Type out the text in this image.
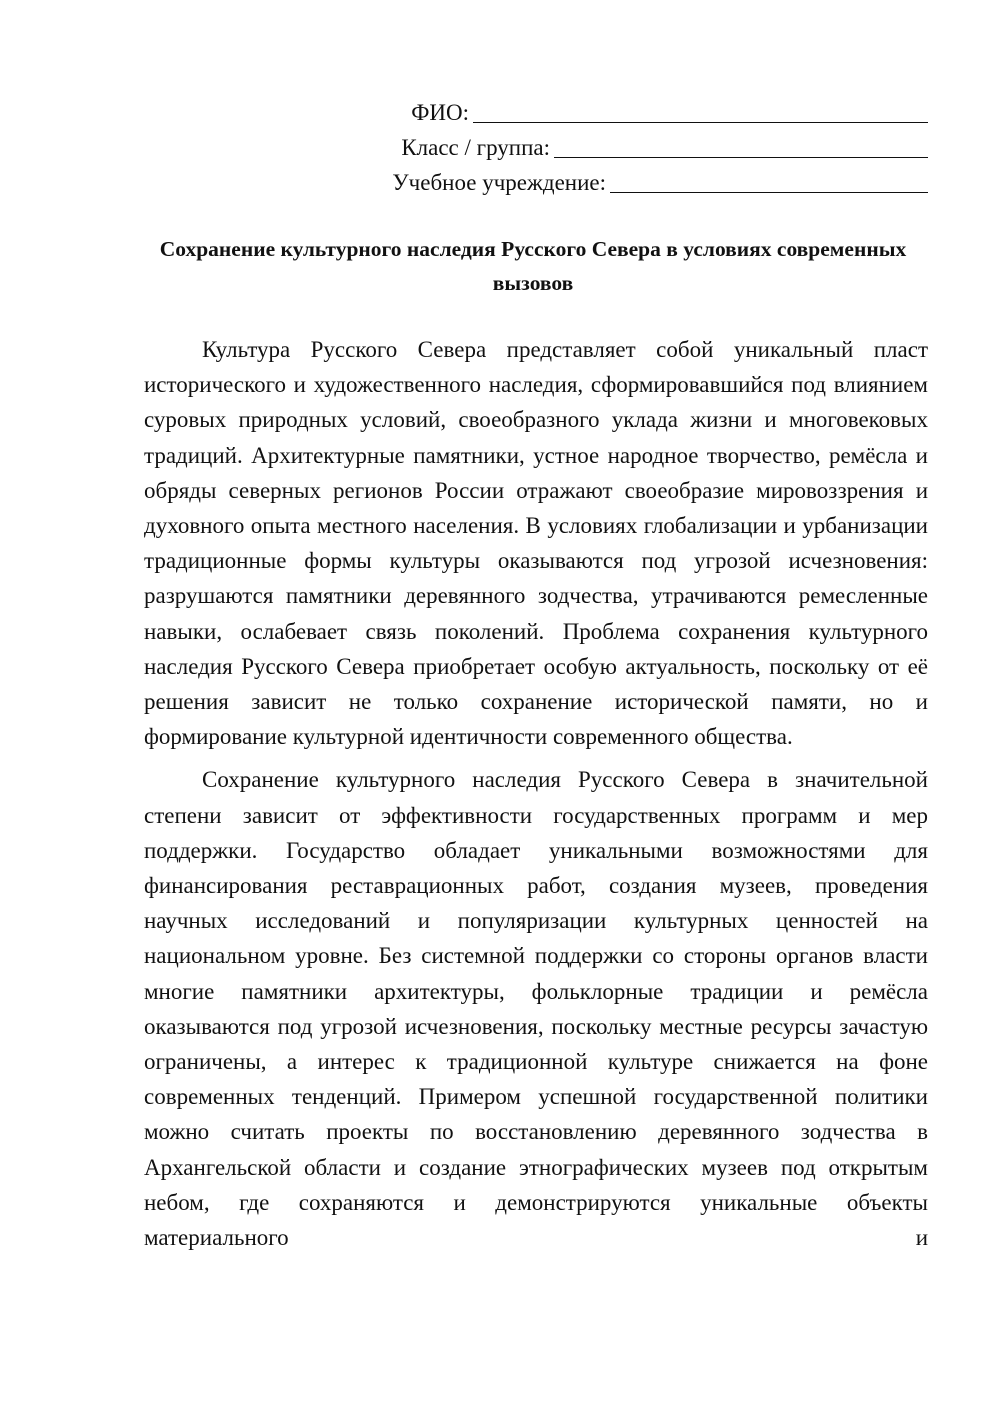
ФИО:
Класс / группа:
Учебное учреждение:
Сохранение культурного наследия Русского Севера в условиях современных вызовов

Культура Русского Севера представляет собой уникальный пласт исторического и художественного наследия, сформировавшийся под влиянием суровых природных условий, своеобразного уклада жизни и многовековых традиций. Архитектурные памятники, устное народное творчество, ремёсла и обряды северных регионов России отражают своеобразие мировоззрения и духовного опыта местного населения. В условиях глобализации и урбанизации традиционные формы культуры оказываются под угрозой исчезновения: разрушаются памятники деревянного зодчества, утрачиваются ремесленные навыки, ослабевает связь поколений. Проблема сохранения культурного наследия Русского Севера приобретает особую актуальность, поскольку от её решения зависит не только сохранение исторической памяти, но и формирование культурной идентичности современного общества.

Сохранение культурного наследия Русского Севера в значительной степени зависит от эффективности государственных программ и мер поддержки. Государство обладает уникальными возможностями для финансирования реставрационных работ, создания музеев, проведения научных исследований и популяризации культурных ценностей на национальном уровне. Без системной поддержки со стороны органов власти многие памятники архитектуры, фольклорные традиции и ремёсла оказываются под угрозой исчезновения, поскольку местные ресурсы зачастую ограничены, а интерес к традиционной культуре снижается на фоне современных тенденций. Примером успешной государственной политики можно считать проекты по восстановлению деревянного зодчества в Архангельской области и создание этнографических музеев под открытым небом, где сохраняются и демонстрируются уникальные объекты материального и
